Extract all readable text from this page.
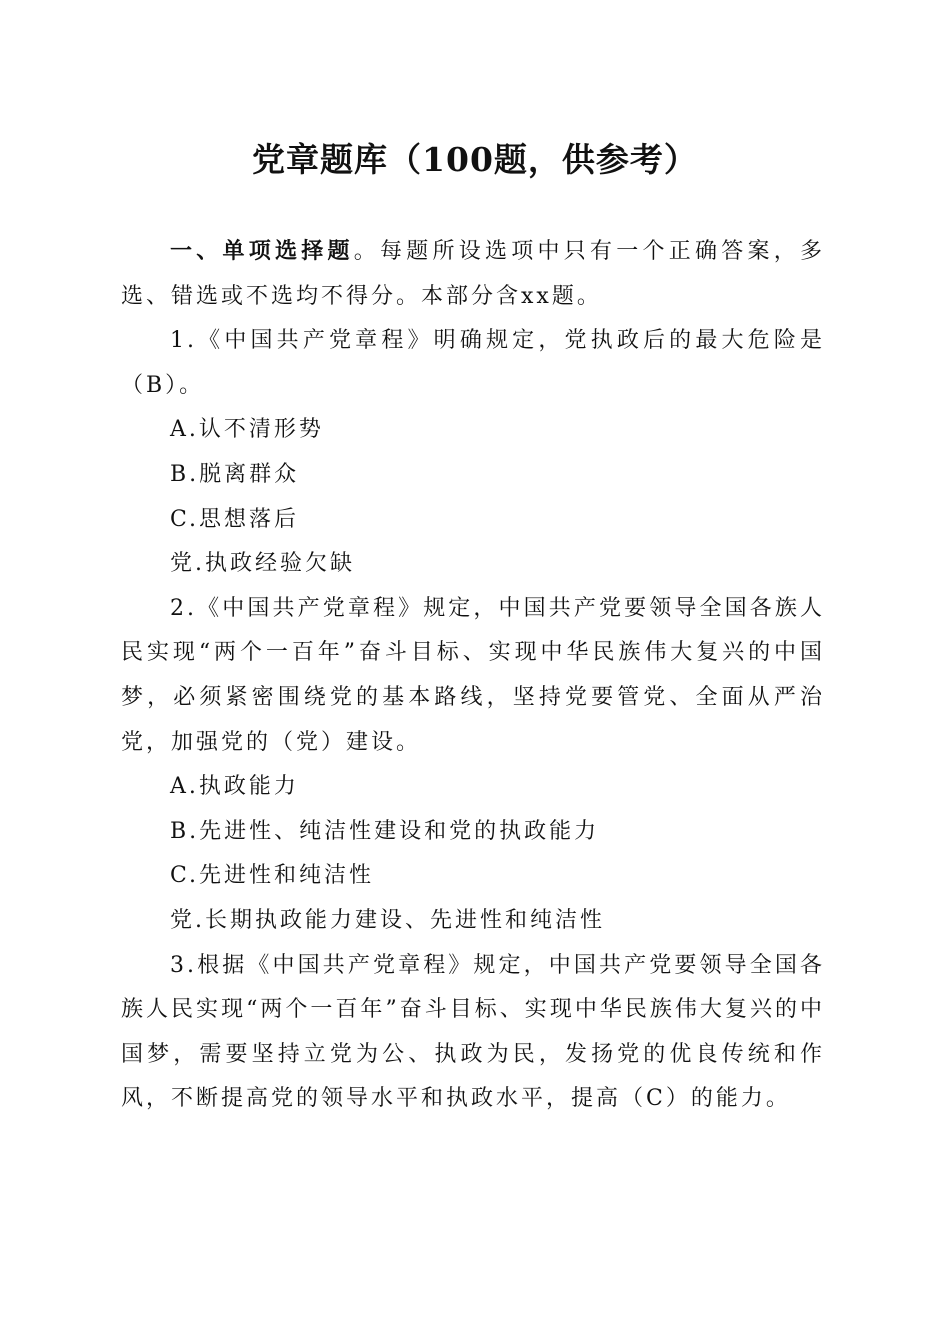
党章题库（100题，供参考）

一、单项选择题。每题所设选项中只有一个正确答案，多选、错选或不选均不得分。本部分含xx题。

1.《中国共产党章程》明确规定，党执政后的最大危险是（B）。

A.认不清形势

B.脱离群众

C.思想落后

党.执政经验欠缺

2.《中国共产党章程》规定，中国共产党要领导全国各族人民实现“两个一百年”奋斗目标、实现中华民族伟大复兴的中国梦，必须紧密围绕党的基本路线，坚持党要管党、全面从严治党，加强党的（党）建设。

A.执政能力

B.先进性、纯洁性建设和党的执政能力

C.先进性和纯洁性

党.长期执政能力建设、先进性和纯洁性

3.根据《中国共产党章程》规定，中国共产党要领导全国各族人民实现“两个一百年”奋斗目标、实现中华民族伟大复兴的中国梦，需要坚持立党为公、执政为民，发扬党的优良传统和作风，不断提高党的领导水平和执政水平，提高（C）的能力。
